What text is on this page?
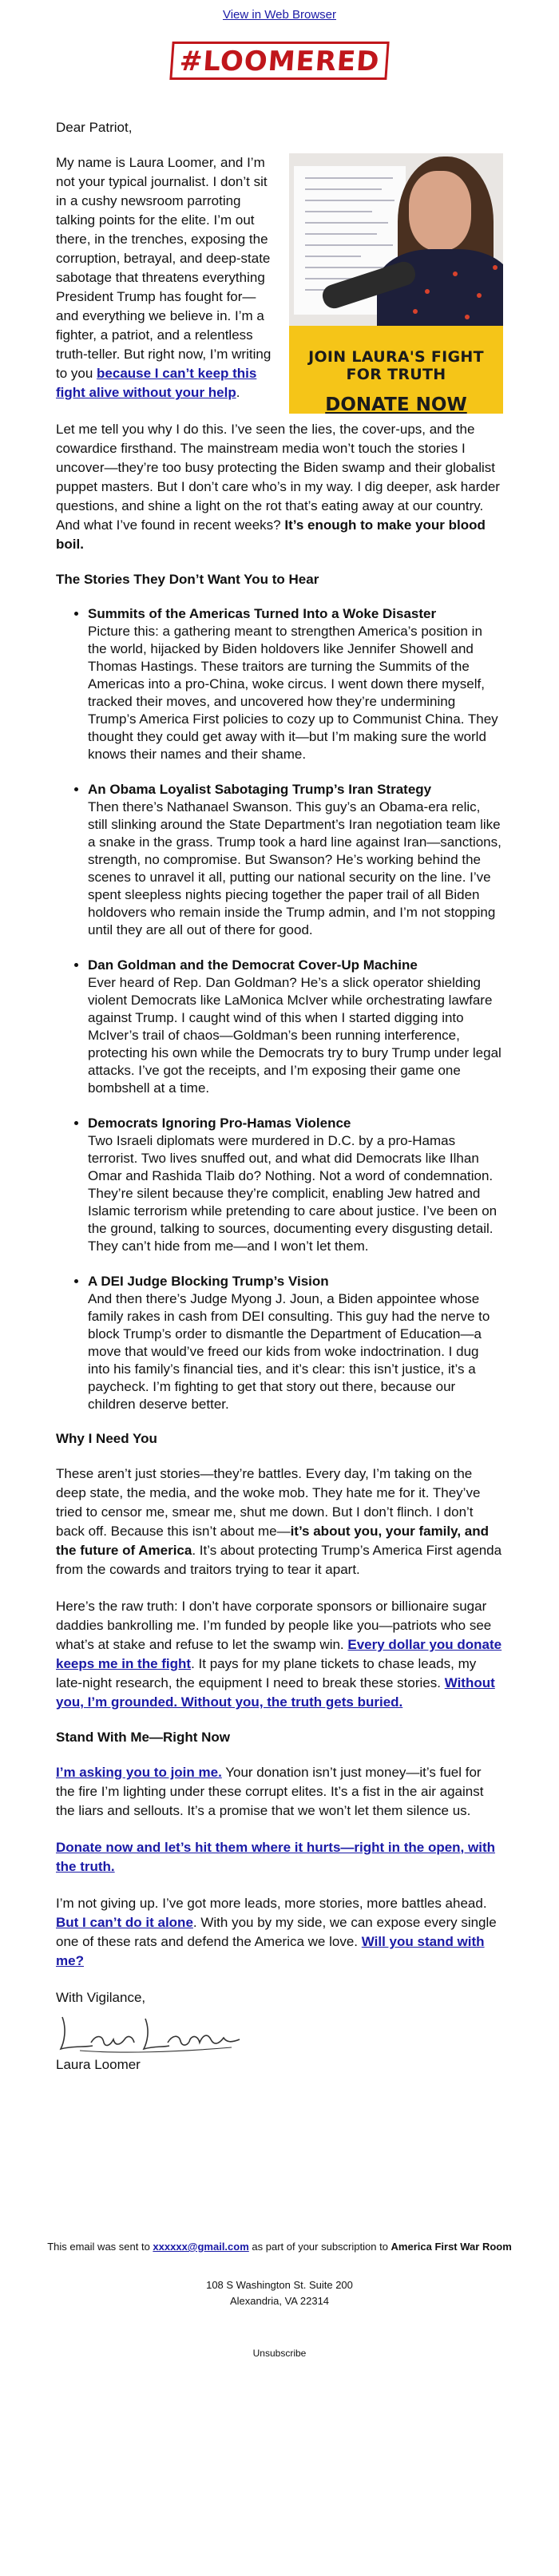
View in Web Browser
#LOOMERED
Dear Patriot,
JOIN LAURA'S FIGHT FOR TRUTH
DONATE NOW

My name is Laura Loomer, and I’m not your typical journalist. I don’t sit in a cushy newsroom parroting talking points for the elite. I’m out there, in the trenches, exposing the corruption, betrayal, and deep-state sabotage that threatens everything President Trump has fought for—and everything we believe in. I’m a fighter, a patriot, and a relentless truth-teller. But right now, I’m writing to you because I can’t keep this fight alive without your help.

Let me tell you why I do this. I’ve seen the lies, the cover-ups, and the cowardice firsthand. The mainstream media won’t touch the stories I uncover—they’re too busy protecting the Biden swamp and their globalist puppet masters. But I don’t care who’s in my way. I dig deeper, ask harder questions, and shine a light on the rot that’s eating away at our country. And what I’ve found in recent weeks? It’s enough to make your blood boil.

The Stories They Don’t Want You to Hear
• Summits of the Americas Turned Into a Woke Disaster
Picture this: a gathering meant to strengthen America’s position in the world, hijacked by Biden holdovers like Jennifer Showell and Thomas Hastings. These traitors are turning the Summits of the Americas into a pro-China, woke circus. I went down there myself, tracked their moves, and uncovered how they’re undermining Trump’s America First policies to cozy up to Communist China. They thought they could get away with it—but I’m making sure the world knows their names and their shame.
• An Obama Loyalist Sabotaging Trump’s Iran Strategy
Then there’s Nathanael Swanson. This guy’s an Obama-era relic, still slinking around the State Department’s Iran negotiation team like a snake in the grass. Trump took a hard line against Iran—sanctions, strength, no compromise. But Swanson? He’s working behind the scenes to unravel it all, putting our national security on the line. I’ve spent sleepless nights piecing together the paper trail of all Biden holdovers who remain inside the Trump admin, and I’m not stopping until they are all out of there for good.
• Dan Goldman and the Democrat Cover-Up Machine
Ever heard of Rep. Dan Goldman? He’s a slick operator shielding violent Democrats like LaMonica McIver while orchestrating lawfare against Trump. I caught wind of this when I started digging into McIver’s trail of chaos—Goldman’s been running interference, protecting his own while the Democrats try to bury Trump under legal attacks. I’ve got the receipts, and I’m exposing their game one bombshell at a time.
• Democrats Ignoring Pro-Hamas Violence
Two Israeli diplomats were murdered in D.C. by a pro-Hamas terrorist. Two lives snuffed out, and what did Democrats like Ilhan Omar and Rashida Tlaib do? Nothing. Not a word of condemnation. They’re silent because they’re complicit, enabling Jew hatred and Islamic terrorism while pretending to care about justice. I’ve been on the ground, talking to sources, documenting every disgusting detail. They can’t hide from me—and I won’t let them.
• A DEI Judge Blocking Trump’s Vision
And then there’s Judge Myong J. Joun, a Biden appointee whose family rakes in cash from DEI consulting. This guy had the nerve to block Trump’s order to dismantle the Department of Education—a move that would’ve freed our kids from woke indoctrination. I dug into his family’s financial ties, and it’s clear: this isn’t justice, it’s a paycheck. I’m fighting to get that story out there, because our children deserve better.
Why I Need You

These aren’t just stories—they’re battles. Every day, I’m taking on the deep state, the media, and the woke mob. They hate me for it. They’ve tried to censor me, smear me, shut me down. But I don’t flinch. I don’t back off. Because this isn’t about me—it’s about you, your family, and the future of America. It’s about protecting Trump’s America First agenda from the cowards and traitors trying to tear it apart.

Here’s the raw truth: I don’t have corporate sponsors or billionaire sugar daddies bankrolling me. I’m funded by people like you—patriots who see what’s at stake and refuse to let the swamp win. Every dollar you donate keeps me in the fight. It pays for my plane tickets to chase leads, my late-night research, the equipment I need to break these stories. Without you, I’m grounded. Without you, the truth gets buried.

Stand With Me—Right Now

I’m asking you to join me. Your donation isn’t just money—it’s fuel for the fire I’m lighting under these corrupt elites. It’s a fist in the air against the liars and sellouts. It’s a promise that we won’t let them silence us.

Donate now and let’s hit them where it hurts—right in the open, with the truth.

I’m not giving up. I’ve got more leads, more stories, more battles ahead. But I can’t do it alone. With you by my side, we can expose every single one of these rats and defend the America we love. Will you stand with me?

With Vigilance,
Laura Loomer
This email was sent to xxxxxx@gmail.com as part of your subscription to America First War Room
108 S Washington St. Suite 200
Alexandria, VA 22314
Unsubscribe
